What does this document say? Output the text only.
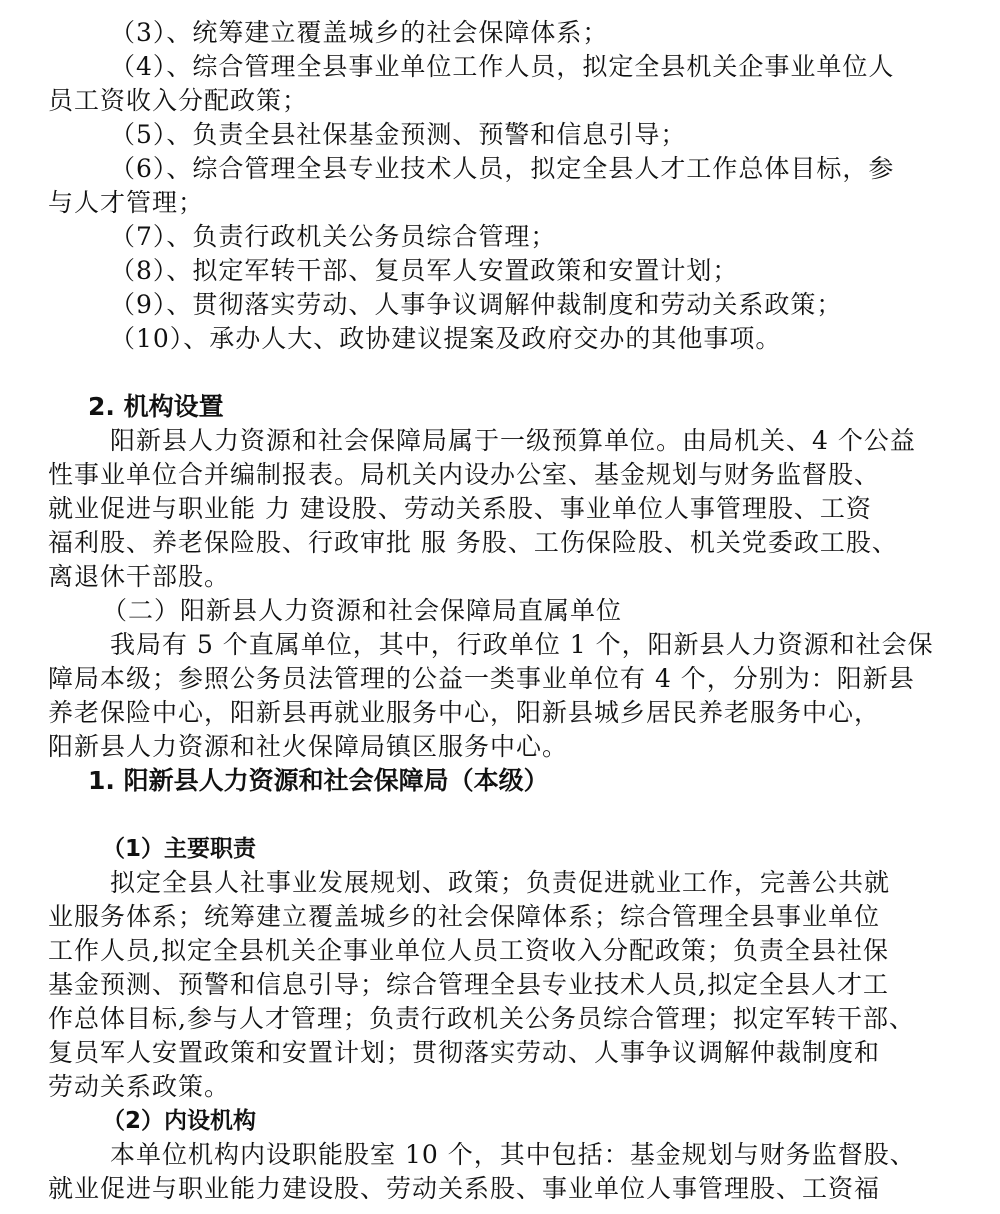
（3）、统筹建立覆盖城乡的社会保障体系；
（4）、综合管理全县事业单位工作人员，拟定全县机关企事业单位人
员工资收入分配政策；
（5）、负责全县社保基金预测、预警和信息引导；
（6）、综合管理全县专业技术人员，拟定全县人才工作总体目标，参
与人才管理；
（7）、负责行政机关公务员综合管理；
（8）、拟定军转干部、复员军人安置政策和安置计划；
（9）、贯彻落实劳动、人事争议调解仲裁制度和劳动关系政策；
（10）、承办人大、政协建议提案及政府交办的其他事项。
2. 机构设置
阳新县人力资源和社会保障局属于一级预算单位。由局机关、4 个公益
性事业单位合并编制报表。局机关内设办公室、基金规划与财务监督股、
就业促进与职业能 力 建设股、劳动关系股、事业单位人事管理股、工资
福利股、养老保险股、行政审批 服 务股、工伤保险股、机关党委政工股、
离退休干部股。
（二）阳新县人力资源和社会保障局直属单位
我局有 5 个直属单位，其中，行政单位 1 个，阳新县人力资源和社会保
障局本级；参照公务员法管理的公益一类事业单位有 4 个，分别为：阳新县
养老保险中心，阳新县再就业服务中心，阳新县城乡居民养老服务中心，
阳新县人力资源和社火保障局镇区服务中心。
1. 阳新县人力资源和社会保障局（本级）
（1）主要职责
拟定全县人社事业发展规划、政策；负责促进就业工作，完善公共就
业服务体系；统筹建立覆盖城乡的社会保障体系；综合管理全县事业单位
工作人员,拟定全县机关企事业单位人员工资收入分配政策；负责全县社保
基金预测、预警和信息引导；综合管理全县专业技术人员,拟定全县人才工
作总体目标,参与人才管理；负责行政机关公务员综合管理；拟定军转干部、
复员军人安置政策和安置计划；贯彻落实劳动、人事争议调解仲裁制度和
劳动关系政策。
（2）内设机构
本单位机构内设职能股室 10 个，其中包括：基金规划与财务监督股、
就业促进与职业能力建设股、劳动关系股、事业单位人事管理股、工资福
